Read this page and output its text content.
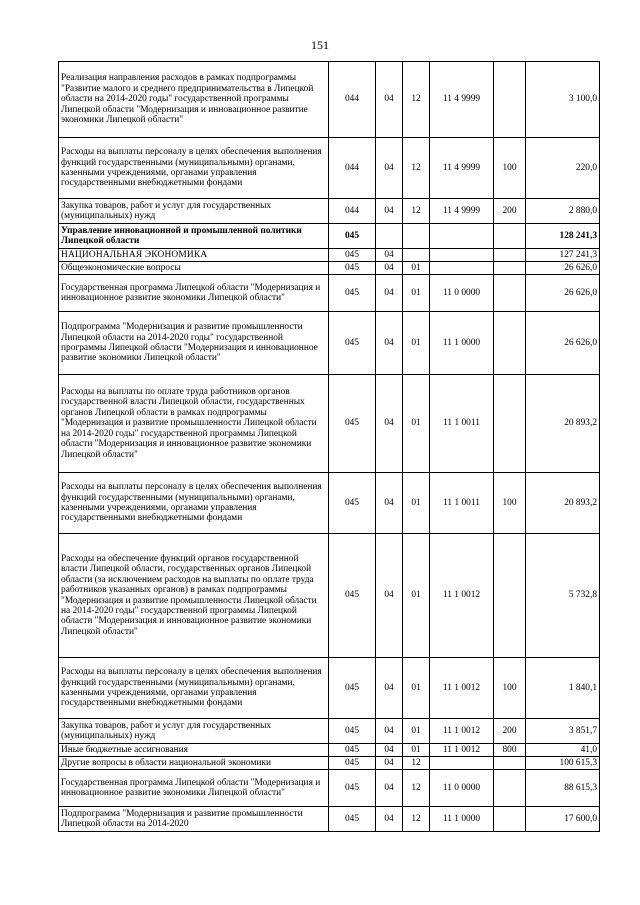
151
Реализация направления расходов в рамках подпрограммы "Развитие малого и среднего предпринимательства в Липецкой области на 2014-2020 годы" государственной программы Липецкой области "Модернизация и инновационное развитие экономики Липецкой области"	044	04	12	11 4 9999		3 100,0
Расходы на выплаты персоналу в целях обеспечения выполнения функций государственными (муниципальными) органами, казенными учреждениями, органами управления государственными внебюджетными фондами	044	04	12	11 4 9999	100	220,0
Закупка товаров, работ и услуг для государственных (муниципальных) нужд	044	04	12	11 4 9999	200	2 880,0
Управление инновационной и промышленной политики Липецкой области	045					128 241,3
НАЦИОНАЛЬНАЯ ЭКОНОМИКА	045	04				127 241,3
Общеэкономические вопросы	045	04	01			26 626,0
Государственная программа Липецкой области "Модернизация и инновационное развитие экономики Липецкой области"	045	04	01	11 0 0000		26 626,0
Подпрограмма "Модернизация и развитие промышленности Липецкой области на 2014-2020 годы" государственной программы Липецкой области "Модернизация и инновационное развитие экономики Липецкой области"	045	04	01	11 1 0000		26 626,0
Расходы на выплаты по оплате труда работников органов государственной власти Липецкой области, государственных органов Липецкой области в рамках подпрограммы "Модернизация и развитие промышленности Липецкой области на 2014-2020 годы" государственной программы Липецкой области "Модернизация и инновационное развитие экономики Липецкой области"	045	04	01	11 1 0011		20 893,2
Расходы на выплаты персоналу в целях обеспечения выполнения функций государственными (муниципальными) органами, казенными учреждениями, органами управления государственными внебюджетными фондами	045	04	01	11 1 0011	100	20 893,2
Расходы на обеспечение функций органов государственной власти Липецкой области, государственных органов Липецкой области (за исключением расходов на выплаты по оплате труда работников указанных органов) в рамках подпрограммы "Модернизация и развитие промышленности Липецкой области на 2014-2020 годы" государственной программы Липецкой области "Модернизация и инновационное развитие экономики Липецкой области"	045	04	01	11 1 0012		5 732,8
Расходы на выплаты персоналу в целях обеспечения выполнения функций государственными (муниципальными) органами, казенными учреждениями, органами управления государственными внебюджетными фондами	045	04	01	11 1 0012	100	1 840,1
Закупка товаров, работ и услуг для государственных (муниципальных) нужд	045	04	01	11 1 0012	200	3 851,7
Иные бюджетные ассигнования	045	04	01	11 1 0012	800	41,0
Другие вопросы в области национальной экономики	045	04	12			100 615,3
Государственная программа Липецкой области "Модернизация и инновационное развитие экономики Липецкой области"	045	04	12	11 0 0000		88 615,3
Подпрограмма "Модернизация и развитие промышленности Липецкой области на 2014-2020	045	04	12	11 1 0000		17 600,0
